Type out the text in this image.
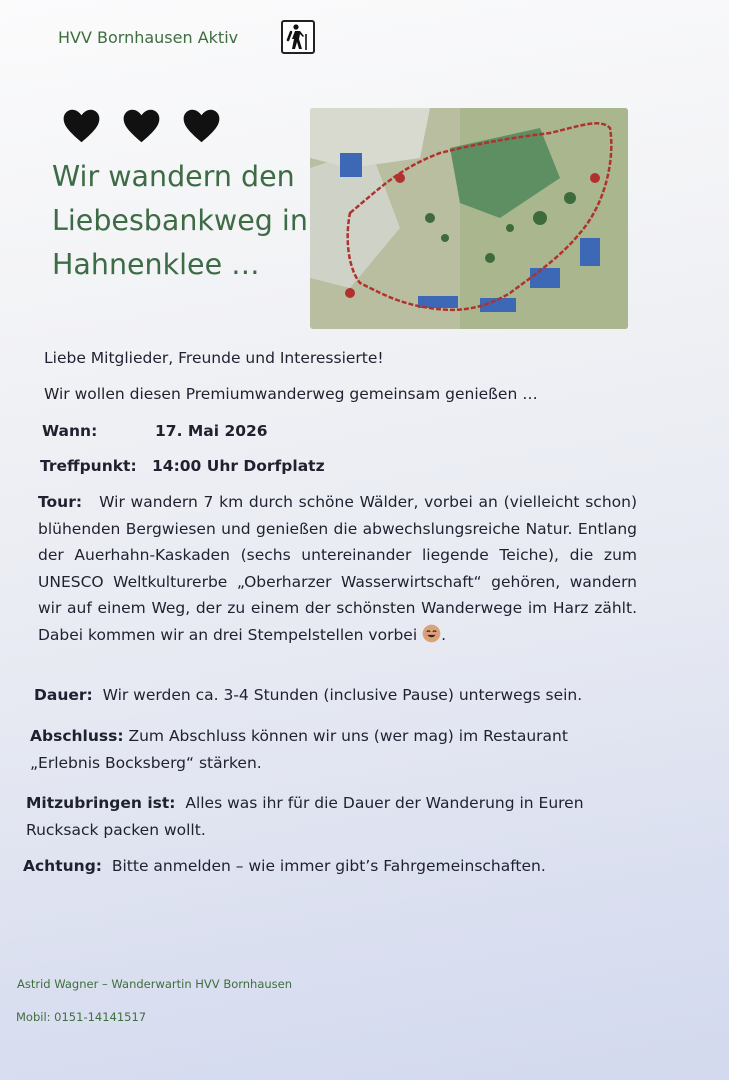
HVV Bornhausen Aktiv
Wir wandern den Liebesbankweg in Hahnenklee …
Liebe Mitglieder, Freunde und Interessierte!
Wir wollen diesen Premiumwanderweg gemeinsam genießen …
Wann:	17. Mai 2026
Treffpunkt: 14:00 Uhr Dorfplatz
Tour: Wir wandern 7 km durch schöne Wälder, vorbei an (vielleicht schon) blühenden Bergwiesen und genießen die abwechslungsreiche Natur. Entlang der Auerhahn-Kaskaden (sechs untereinander liegende Teiche), die zum UNESCO Weltkulturerbe „Oberharzer Wasserwirtschaft“ gehören, wandern wir auf einem Weg, der zu einem der schönsten Wanderwege im Harz zählt. Dabei kommen wir an drei Stempelstellen vorbei .
Dauer: Wir werden ca. 3-4 Stunden (inclusive Pause) unterwegs sein.
Abschluss: Zum Abschluss können wir uns (wer mag) im Restaurant „Erlebnis Bocksberg“ stärken.
Mitzubringen ist: Alles was ihr für die Dauer der Wanderung in Euren Rucksack packen wollt.
Achtung: Bitte anmelden – wie immer gibt’s Fahrgemeinschaften.
Astrid Wagner – Wanderwartin HVV Bornhausen
Mobil: 0151-14141517
